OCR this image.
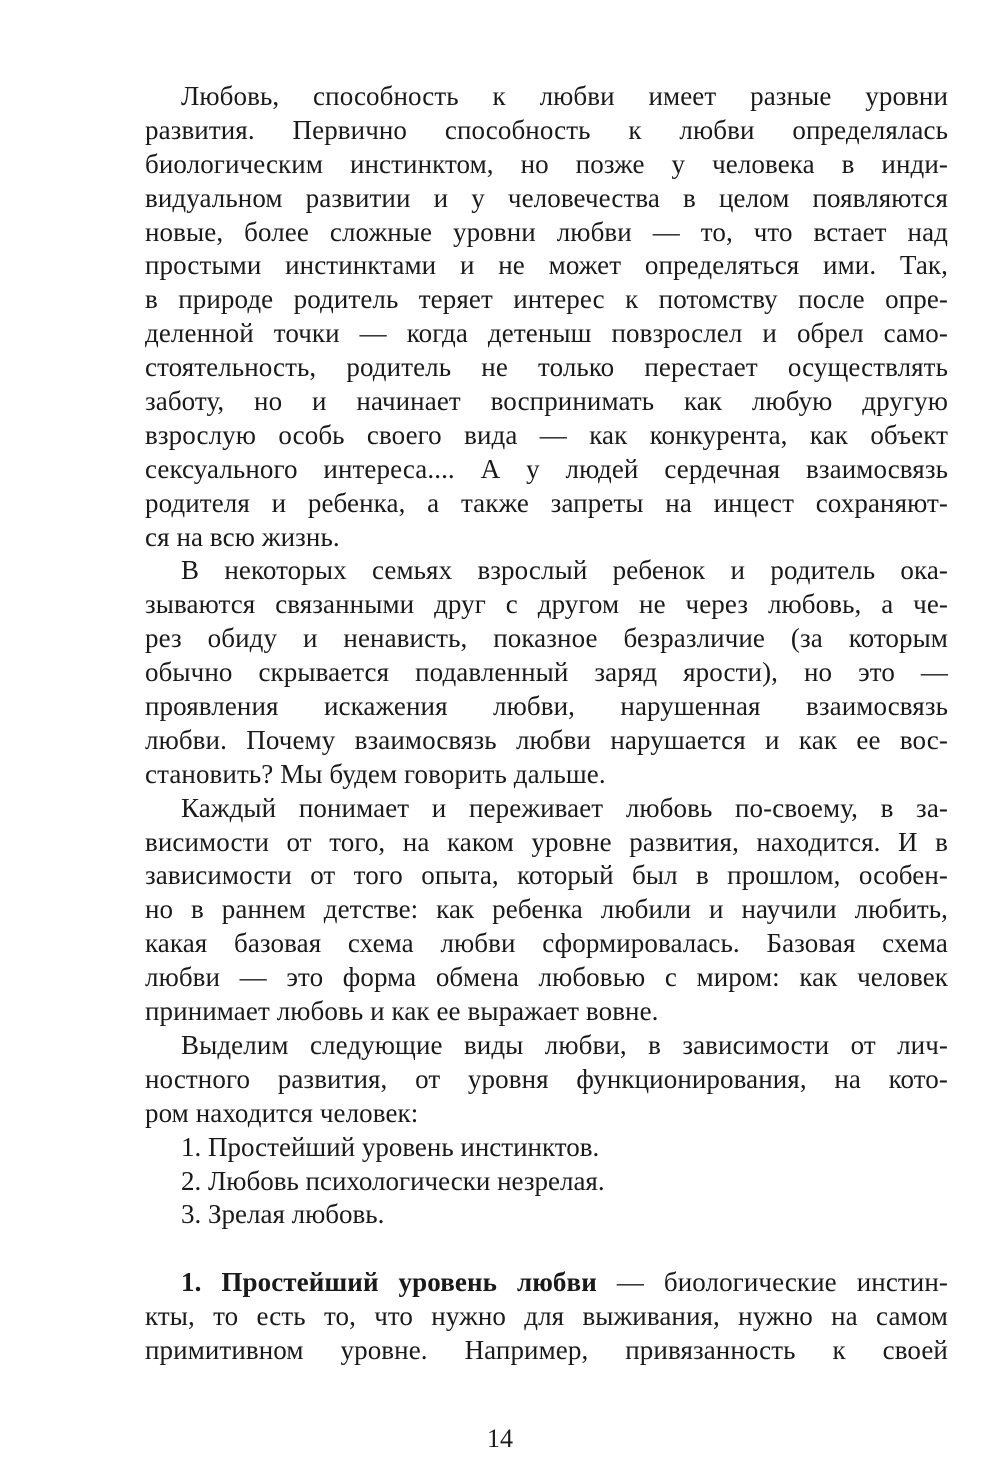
Любовь, способность к любви имеет разные уровни
развития. Первично способность к любви определялась
биологическим инстинктом, но позже у человека в инди-
видуальном развитии и у человечества в целом появляются
новые, более сложные уровни любви — то, что встает над
простыми инстинктами и не может определяться ими. Так,
в природе родитель теряет интерес к потомству после опре-
деленной точки — когда детеныш повзрослел и обрел само-
стоятельность, родитель не только перестает осуществлять
заботу, но и начинает воспринимать как любую другую
взрослую особь своего вида — как конкурента, как объект
сексуального интереса.... А у людей сердечная взаимосвязь
родителя и ребенка, а также запреты на инцест сохраняют-
ся на всю жизнь.
В некоторых семьях взрослый ребенок и родитель ока-
зываются связанными друг с другом не через любовь, а че-
рез обиду и ненависть, показное безразличие (за которым
обычно скрывается подавленный заряд ярости), но это —
проявления искажения любви, нарушенная взаимосвязь
любви. Почему взаимосвязь любви нарушается и как ее вос-
становить? Мы будем говорить дальше.
Каждый понимает и переживает любовь по-своему, в за-
висимости от того, на каком уровне развития, находится. И в
зависимости от того опыта, который был в прошлом, особен-
но в раннем детстве: как ребенка любили и научили любить,
какая базовая схема любви сформировалась. Базовая схема
любви — это форма обмена любовью с миром: как человек
принимает любовь и как ее выражает вовне.
Выделим следующие виды любви, в зависимости от лич-
ностного развития, от уровня функционирования, на кото-
ром находится человек:
1. Простейший уровень инстинктов.
2. Любовь психологически незрелая.
3. Зрелая любовь.
1. Простейший уровень любви — биологические инстин-
кты, то есть то, что нужно для выживания, нужно на самом
примитивном уровне. Например, привязанность к своей
14
